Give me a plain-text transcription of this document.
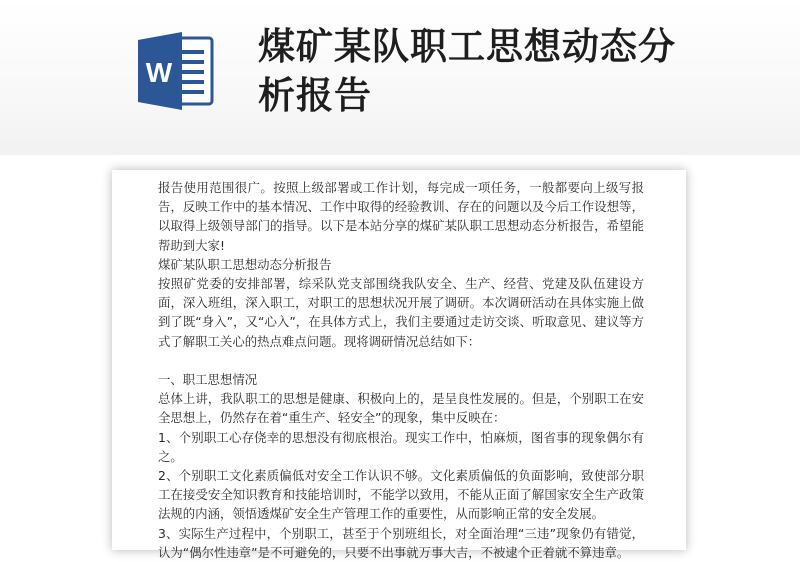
W
煤矿某队职工思想动态分析报告

报告使用范围很广。按照上级部署或工作计划，每完成一项任务，一般都要向上级写报告，反映工作中的基本情况、工作中取得的经验教训、存在的问题以及今后工作设想等，以取得上级领导部门的指导。以下是本站分享的煤矿某队职工思想动态分析报告，希望能帮助到大家!

煤矿某队职工思想动态分析报告

按照矿党委的安排部署，综采队党支部围绕我队安全、生产、经营、党建及队伍建设方面，深入班组，深入职工，对职工的思想状况开展了调研。本次调研活动在具体实施上做到了既“身入”，又“心入”，在具体方式上，我们主要通过走访交谈、听取意见、建议等方式了解职工关心的热点难点问题。现将调研情况总结如下：

一、职工思想情况

总体上讲，我队职工的思想是健康、积极向上的，是呈良性发展的。但是，个别职工在安全思想上，仍然存在着“重生产、轻安全”的现象，集中反映在：

1、个别职工心存侥幸的思想没有彻底根治。现实工作中，怕麻烦，图省事的现象偶尔有之。

2、个别职工文化素质偏低对安全工作认识不够。文化素质偏低的负面影响，致使部分职工在接受安全知识教育和技能培训时，不能学以致用，不能从正面了解国家安全生产政策法规的内涵，领悟透煤矿安全生产管理工作的重要性，从而影响正常的安全发展。

3、实际生产过程中，个别职工，甚至于个别班组长，对全面治理“三违”现象仍有错觉，认为“偶尔性违章”是不可避免的，只要不出事就万事大吉，不被逮个正着就不算违章。
